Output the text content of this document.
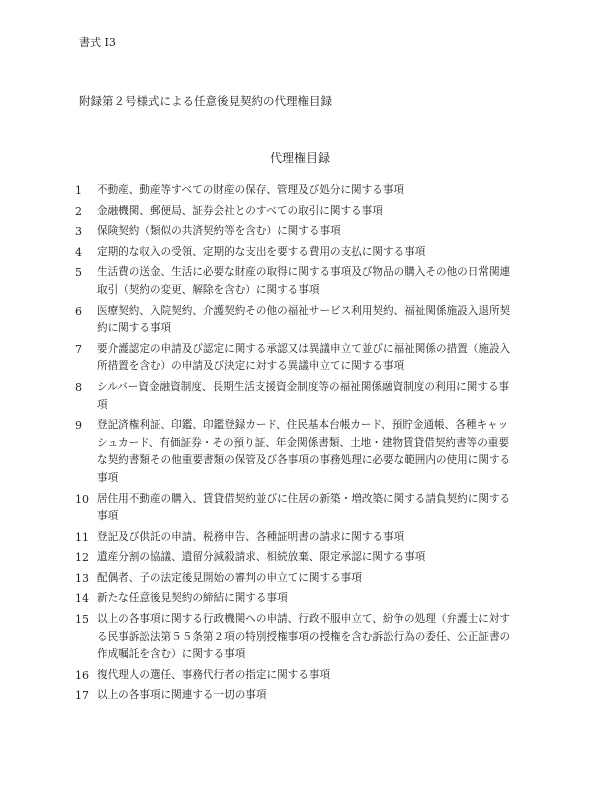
書式 I3
附録第２号様式による任意後見契約の代理権目録
代理権目録
1	不動産、動産等すべての財産の保存、管理及び処分に関する事項
2	金融機関、郵便局、証券会社とのすべての取引に関する事項
3	保険契約（類似の共済契約等を含む）に関する事項
4	定期的な収入の受領、定期的な支出を要する費用の支払に関する事項
5	生活費の送金、生活に必要な財産の取得に関する事項及び物品の購入その他の日常関連
取引（契約の変更、解除を含む）に関する事項
6	医療契約、入院契約、介護契約その他の福祉サービス利用契約、福祉関係施設入退所契
約に関する事項
7	要介護認定の申請及び認定に関する承認又は異議申立て並びに福祉関係の措置（施設入
所措置を含む）の申請及び決定に対する異議申立てに関する事項
8	シルバー資金融資制度、長期生活支援資金制度等の福祉関係融資制度の利用に関する事
項
9	登記済権利証、印鑑、印鑑登録カード、住民基本台帳カード、預貯金通帳、各種キャッ
シュカード、有価証券・その預り証、年金関係書類、土地・建物賃貸借契約書等の重要
な契約書類その他重要書類の保管及び各事項の事務処理に必要な範囲内の使用に関する
事項
10 居住用不動産の購入、賃貸借契約並びに住居の新築・増改築に関する請負契約に関する
事項
11 登記及び供託の申請、税務申告、各種証明書の請求に関する事項
12 遺産分割の協議、遺留分減殺請求、相続放棄、限定承認に関する事項
13 配偶者、子の法定後見開始の審判の申立てに関する事項
14 新たな任意後見契約の締結に関する事項
15 以上の各事項に関する行政機関への申請、行政不服申立て、紛争の処理（弁護士に対す
る民事訴訟法第５５条第２項の特別授権事項の授権を含む訴訟行為の委任、公正証書の
作成嘱託を含む）に関する事項
16 復代理人の選任、事務代行者の指定に関する事項
17 以上の各事項に関連する一切の事項
